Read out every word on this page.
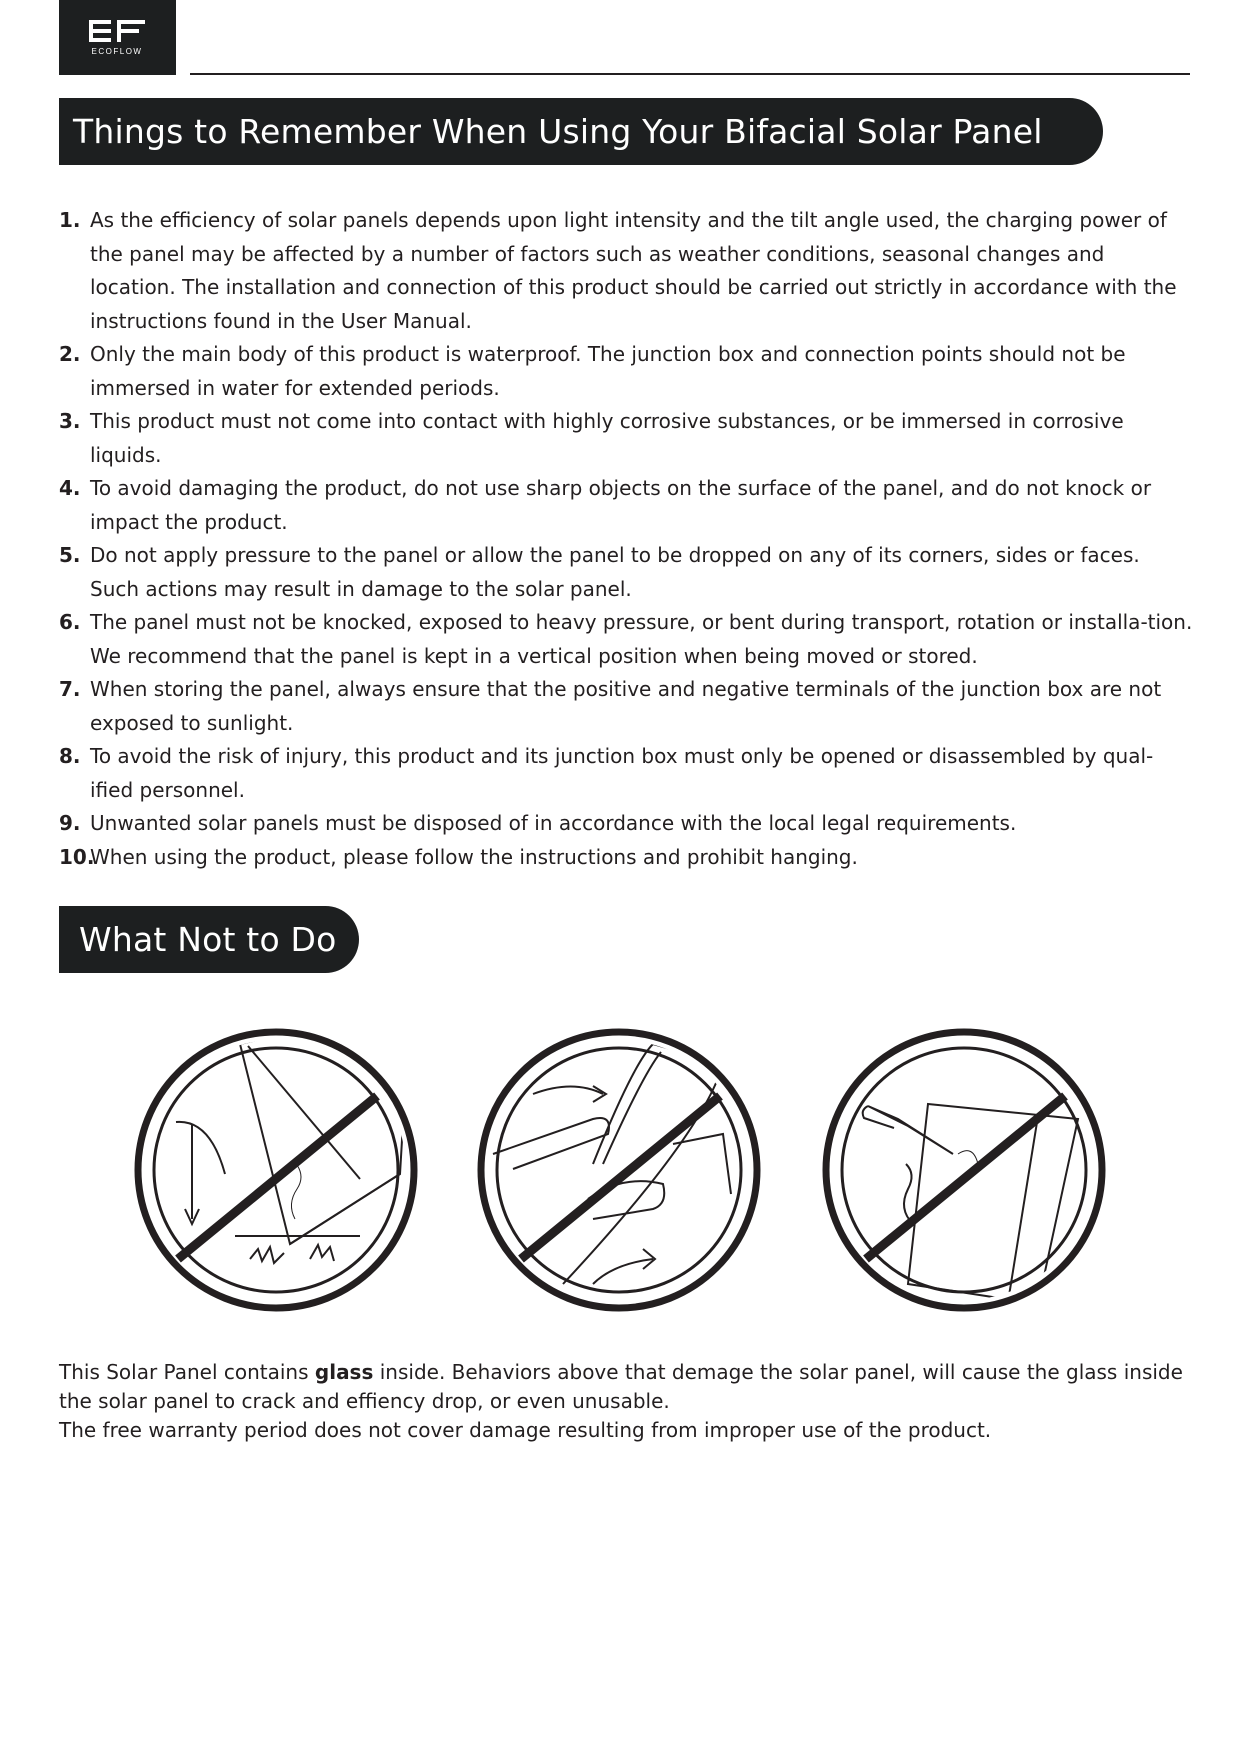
ECOFLOW
Things to Remember When Using Your Bifacial Solar Panel
1. As the efficiency of solar panels depends upon light intensity and the tilt angle used, the charging power of the panel may be affected by a number of factors such as weather conditions, seasonal changes and location. The installation and connection of this product should be carried out strictly in accordance with the instructions found in the User Manual.
2. Only the main body of this product is waterproof. The junction box and connection points should not be immersed in water for extended periods.
3. This product must not come into contact with highly corrosive substances, or be immersed in corrosive liquids.
4. To avoid damaging the product, do not use sharp objects on the surface of the panel, and do not knock or impact the product.
5. Do not apply pressure to the panel or allow the panel to be dropped on any of its corners, sides or faces. Such actions may result in damage to the solar panel.
6. The panel must not be knocked, exposed to heavy pressure, or bent during transport, rotation or installa-tion. We recommend that the panel is kept in a vertical position when being moved or stored.
7. When storing the panel, always ensure that the positive and negative terminals of the junction box are not exposed to sunlight.
8. To avoid the risk of injury, this product and its junction box must only be opened or disassembled by qual-ified personnel.
9. Unwanted solar panels must be disposed of in accordance with the local legal requirements.
10.
When using the product, please follow the instructions and prohibit hanging.
What Not to Do

This Solar Panel contains glass inside. Behaviors above that demage the solar panel, will cause the glass inside the solar panel to crack and effiency drop, or even unusable.

The free warranty period does not cover damage resulting from improper use of the product.
